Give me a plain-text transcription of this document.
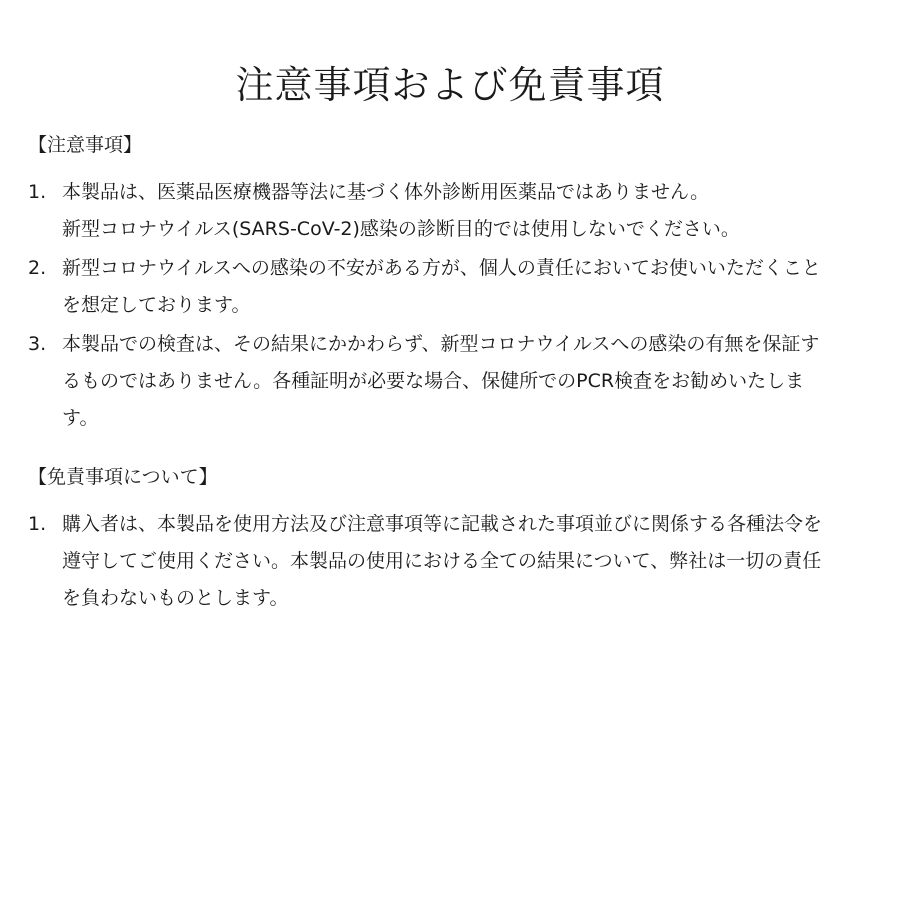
注意事項および免責事項
【注意事項】
1. 本製品は、医薬品医療機器等法に基づく体外診断用医薬品ではありません。
新型コロナウイルス(SARS-CoV-2)感染の診断目的では使用しないでください。
2. 新型コロナウイルスへの感染の不安がある方が、個人の責任においてお使いいただくこと
を想定しております。
3. 本製品での検査は、その結果にかかわらず、新型コロナウイルスへの感染の有無を保証す
るものではありません。各種証明が必要な場合、保健所でのPCR検査をお勧めいたしま
す。
【免責事項について】
1. 購入者は、本製品を使用方法及び注意事項等に記載された事項並びに関係する各種法令を
遵守してご使用ください。本製品の使用における全ての結果について、弊社は一切の責任
を負わないものとします。
